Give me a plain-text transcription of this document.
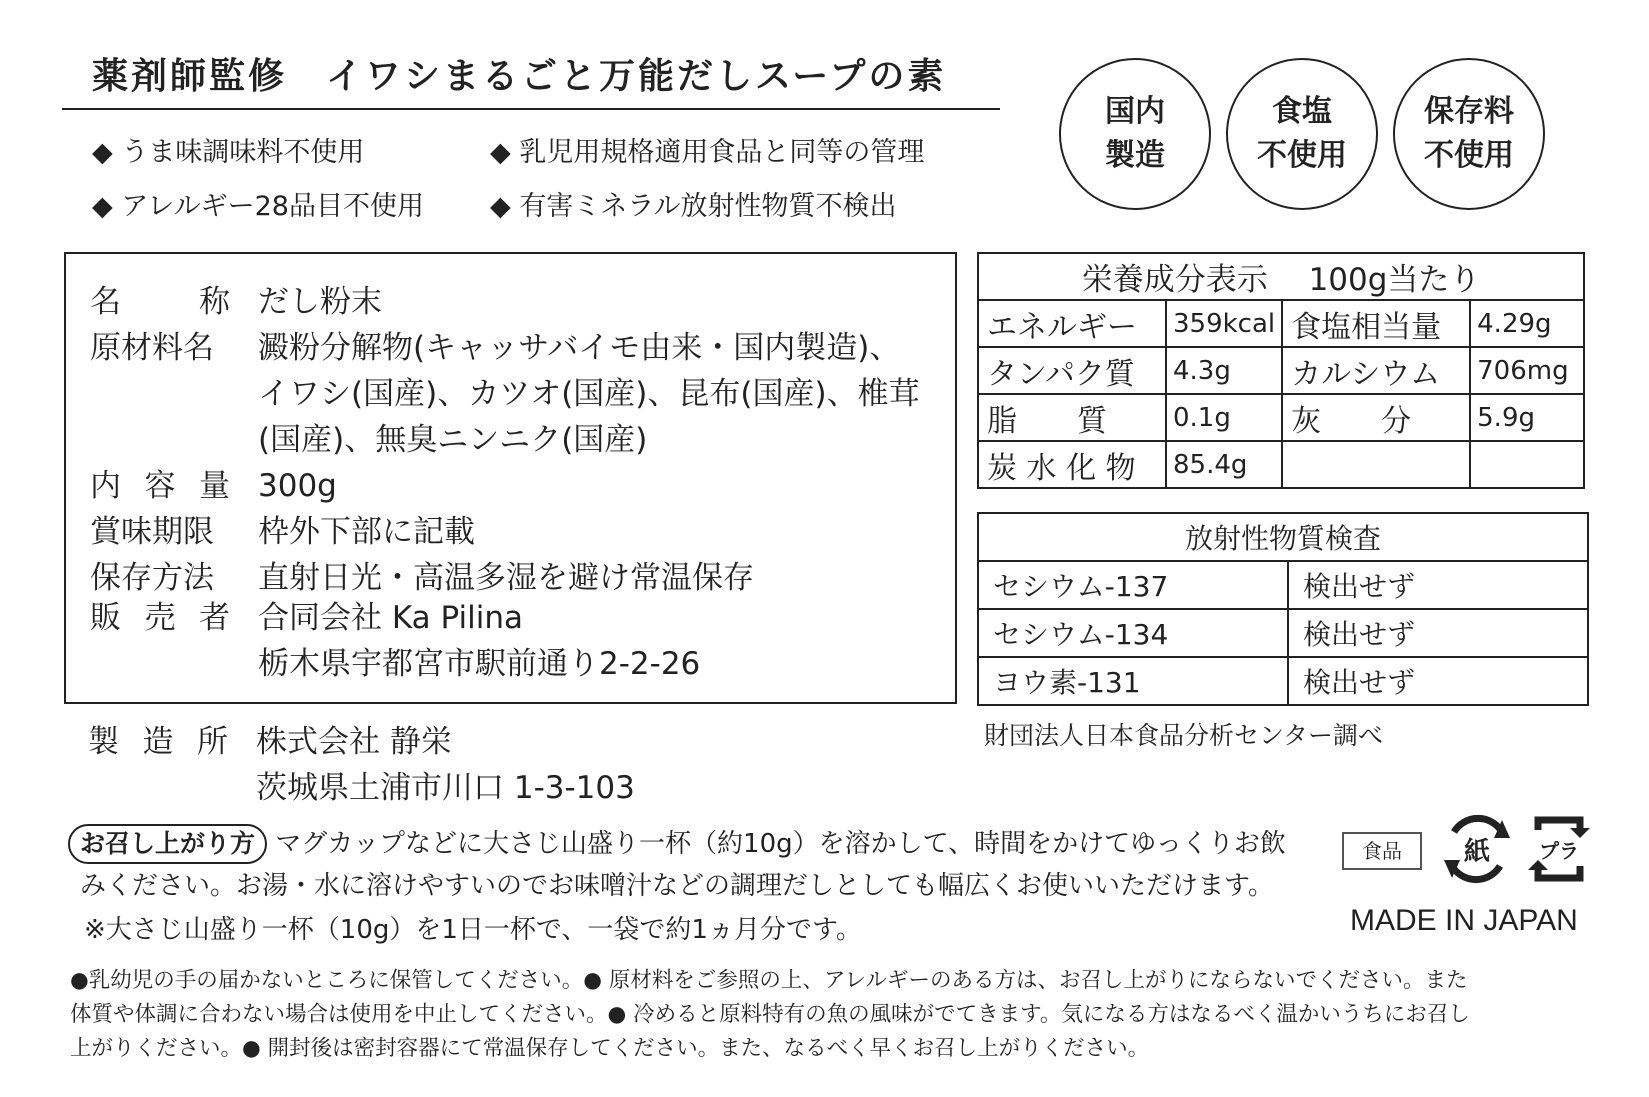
薬剤師監修　イワシまるごと万能だしスープの素
◆ うま味調味料不使用	◆ 乳児用規格適用食品と同等の管理
◆ アレルギー28品目不使用 ◆ 有害ミネラル放射性物質不検出
国内
製造
食塩
不使用
保存料
不使用
名	称 だし粉末
原材料名	澱粉分解物(キャッサバイモ由来・国内製造)、
イワシ(国産)、カツオ(国産)、昆布(国産)、椎茸
(国産)、無臭ニンニク(国産)
内 容 量 300g
賞味期限	枠外下部に記載
保存方法	直射日光・高温多湿を避け常温保存
販 売 者 合同会社 Ka Pilina
栃木県宇都宮市駅前通り2-2-26
製 造 所 株式会社 静栄
茨城県土浦市川口 1-3-103
栄養成分表示　 100g当たり			
エネルギー	359kcal	食塩相当量	4.29g
タンパク質	4.3g	カルシウム	706mg
脂　　質	0.1g	灰　　分	5.9g
炭 水 化 物	85.4g		
放射性物質検査	
セシウム-137	検出せず
セシウム-134	検出せず
ヨウ素-131	検出せず
財団法人日本食品分析センター調べ
お召し上がり方 マグカップなどに大さじ山盛り一杯（約10g）を溶かして、時間をかけてゆっくりお飲
みください。お湯・水に溶けやすいのでお味噌汁などの調理だしとしても幅広くお使いいただけます。
※大さじ山盛り一杯（10g）を1日一杯で、一袋で約1ヵ月分です。
食品	紙 プラ
MADE IN JAPAN
●乳幼児の手の届かないところに保管してください。● 原材料をご参照の上、アレルギーのある方は、お召し上がりにならないでください。また
体質や体調に合わない場合は使用を中止してください。● 冷めると原料特有の魚の風味がでてきます。気になる方はなるべく温かいうちにお召し
上がりください。● 開封後は密封容器にて常温保存してください。また、なるべく早くお召し上がりください。
